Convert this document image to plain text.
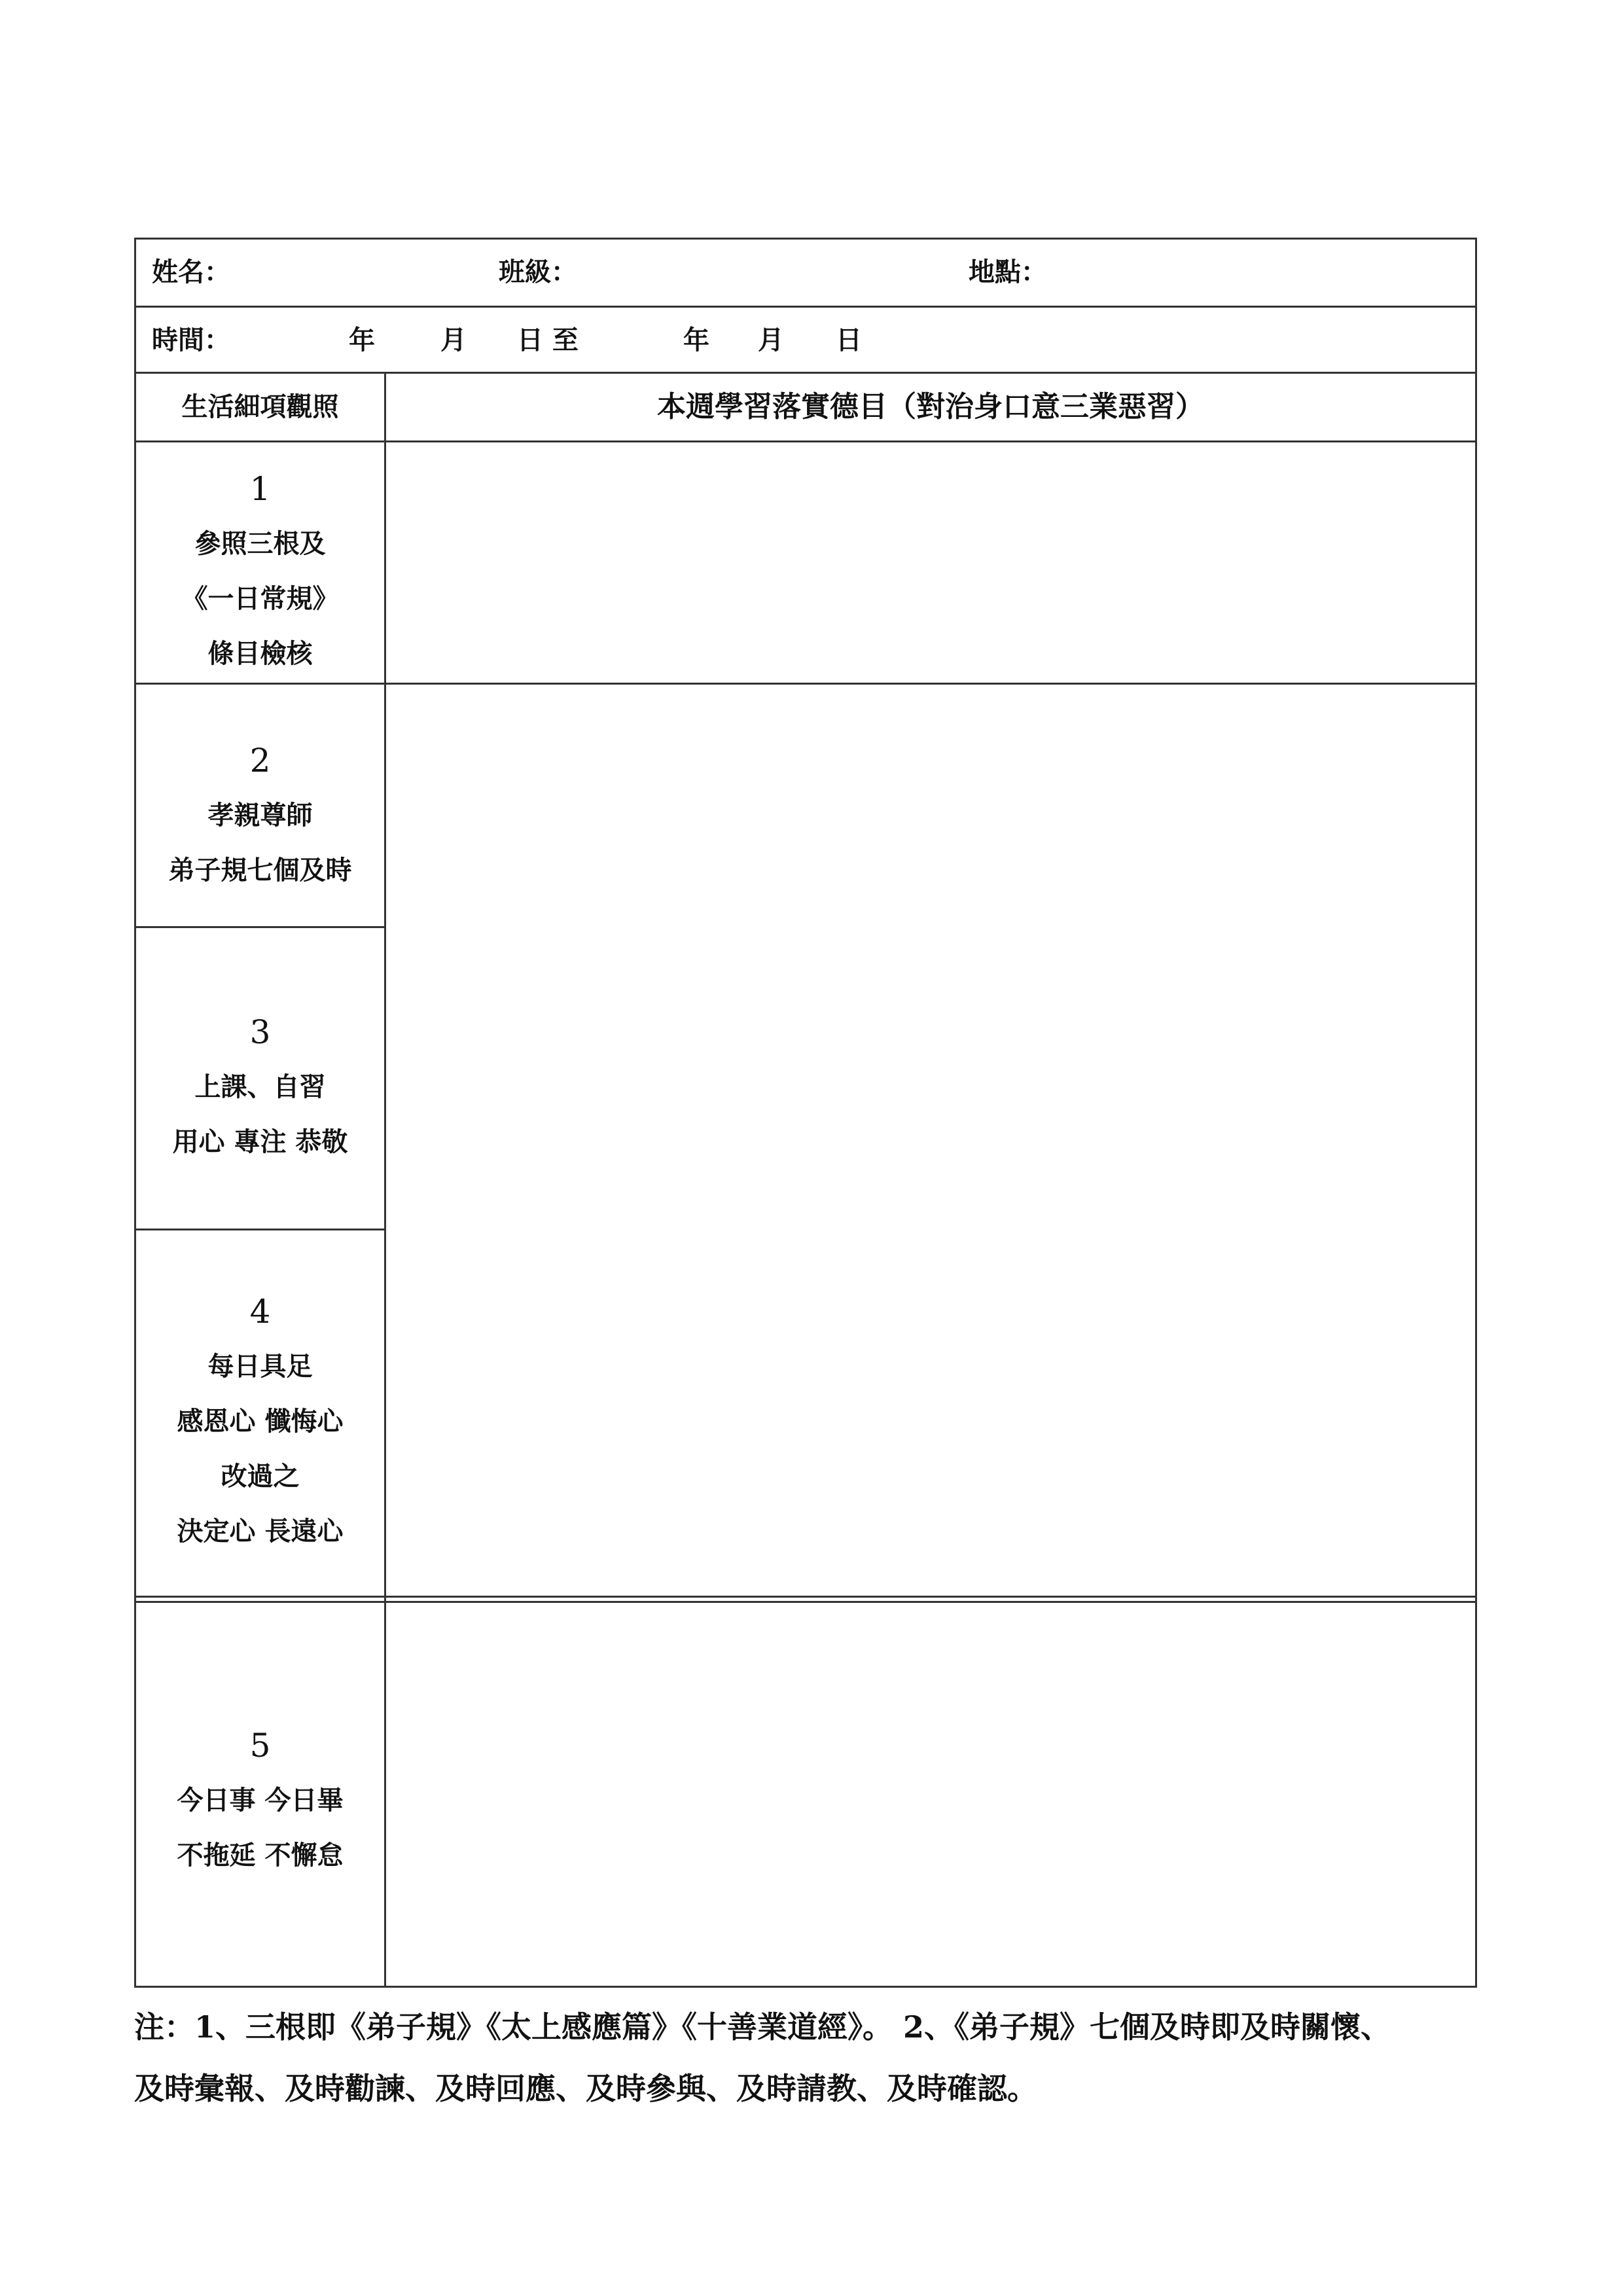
姓名：	班級：	地點：
時間：	年	月 日 至	年 月 日
生活細項觀照	本週學習落實德目（對治身口意三業惡習）
1
參照三根及
《一日常規》
條目檢核
2
孝親尊師
弟子規七個及時
3
上課、自習
用心 專注 恭敬
4
每日具足
感恩心 懺悔心
改過之
決定心 長遠心
5
今日事 今日畢
不拖延 不懈怠
注：1、三根即《弟子規》《太上感應篇》《十善業道經》。 2、《弟子規》七個及時即及時關懷、
及時彙報、及時勸諫、及時回應、及時參與、及時請教、及時確認。
